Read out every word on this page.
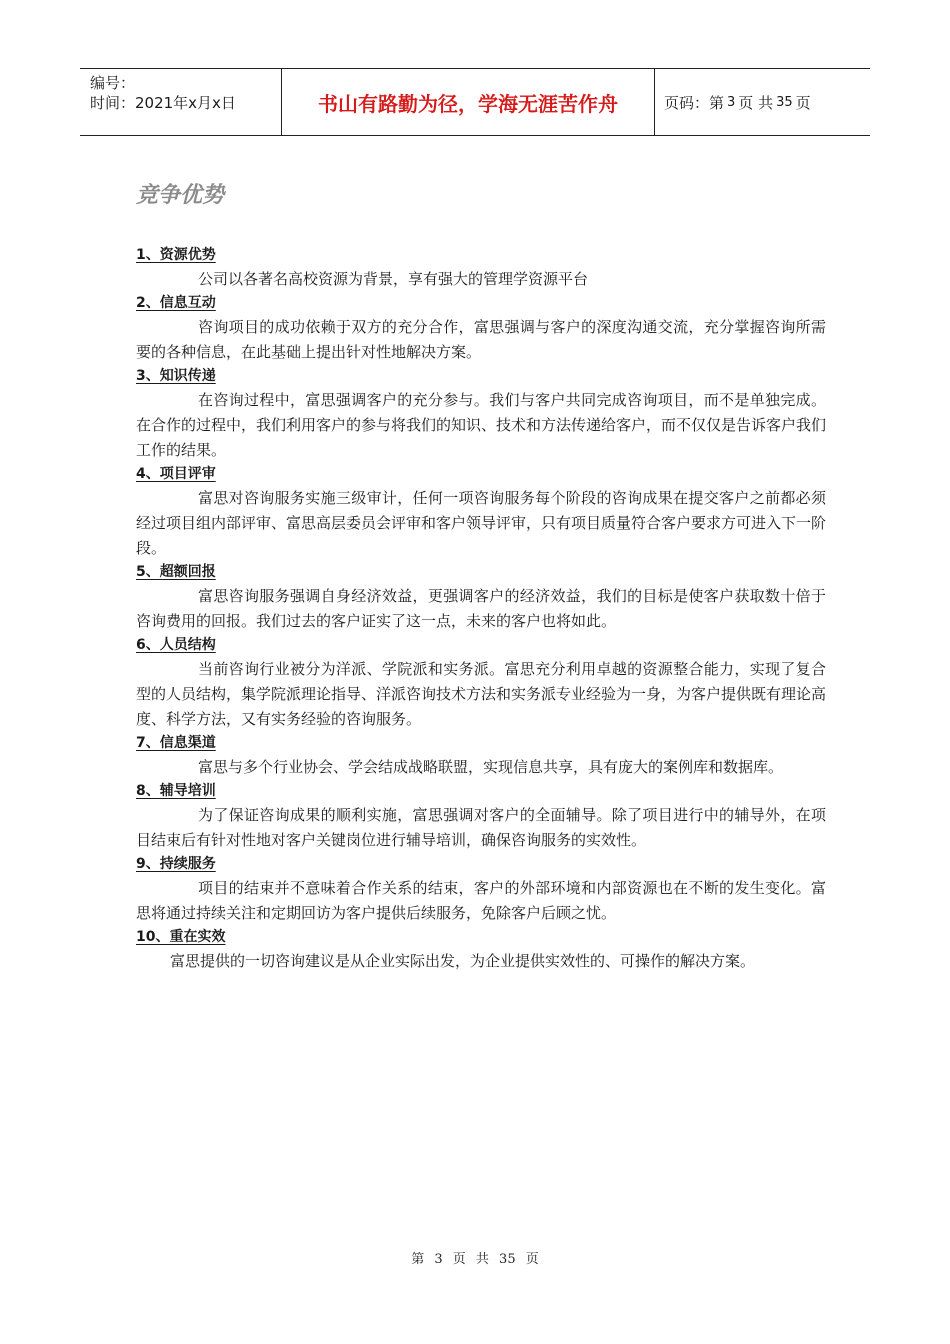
编号：
时间：2021年x月x日	书山有路勤为径，学海无涯苦作舟	页码：第 3 页 共 35 页
竞争优势
1、资源优势

公司以各著名高校资源为背景，享有强大的管理学资源平台

2、信息互动

咨询项目的成功依赖于双方的充分合作，富思强调与客户的深度沟通交流，充分掌握咨询所需要的各种信息，在此基础上提出针对性地解决方案。

3、知识传递

在咨询过程中，富思强调客户的充分参与。我们与客户共同完成咨询项目，而不是单独完成。在合作的过程中，我们利用客户的参与将我们的知识、技术和方法传递给客户，而不仅仅是告诉客户我们工作的结果。

4、项目评审

富思对咨询服务实施三级审计，任何一项咨询服务每个阶段的咨询成果在提交客户之前都必须经过项目组内部评审、富思高层委员会评审和客户领导评审，只有项目质量符合客户要求方可进入下一阶段。

5、超额回报

富思咨询服务强调自身经济效益，更强调客户的经济效益，我们的目标是使客户获取数十倍于咨询费用的回报。我们过去的客户证实了这一点，未来的客户也将如此。

6、人员结构

当前咨询行业被分为洋派、学院派和实务派。富思充分利用卓越的资源整合能力，实现了复合型的人员结构，集学院派理论指导、洋派咨询技术方法和实务派专业经验为一身，为客户提供既有理论高度、科学方法，又有实务经验的咨询服务。

7、信息渠道

富思与多个行业协会、学会结成战略联盟，实现信息共享，具有庞大的案例库和数据库。

8、辅导培训

为了保证咨询成果的顺利实施，富思强调对客户的全面辅导。除了项目进行中的辅导外，在项目结束后有针对性地对客户关键岗位进行辅导培训，确保咨询服务的实效性。

9、持续服务

项目的结束并不意味着合作关系的结束，客户的外部环境和内部资源也在不断的发生变化。富思将通过持续关注和定期回访为客户提供后续服务，免除客户后顾之忧。

10、重在实效

富思提供的一切咨询建议是从企业实际出发，为企业提供实效性的、可操作的解决方案。

第 3 页 共 35 页
